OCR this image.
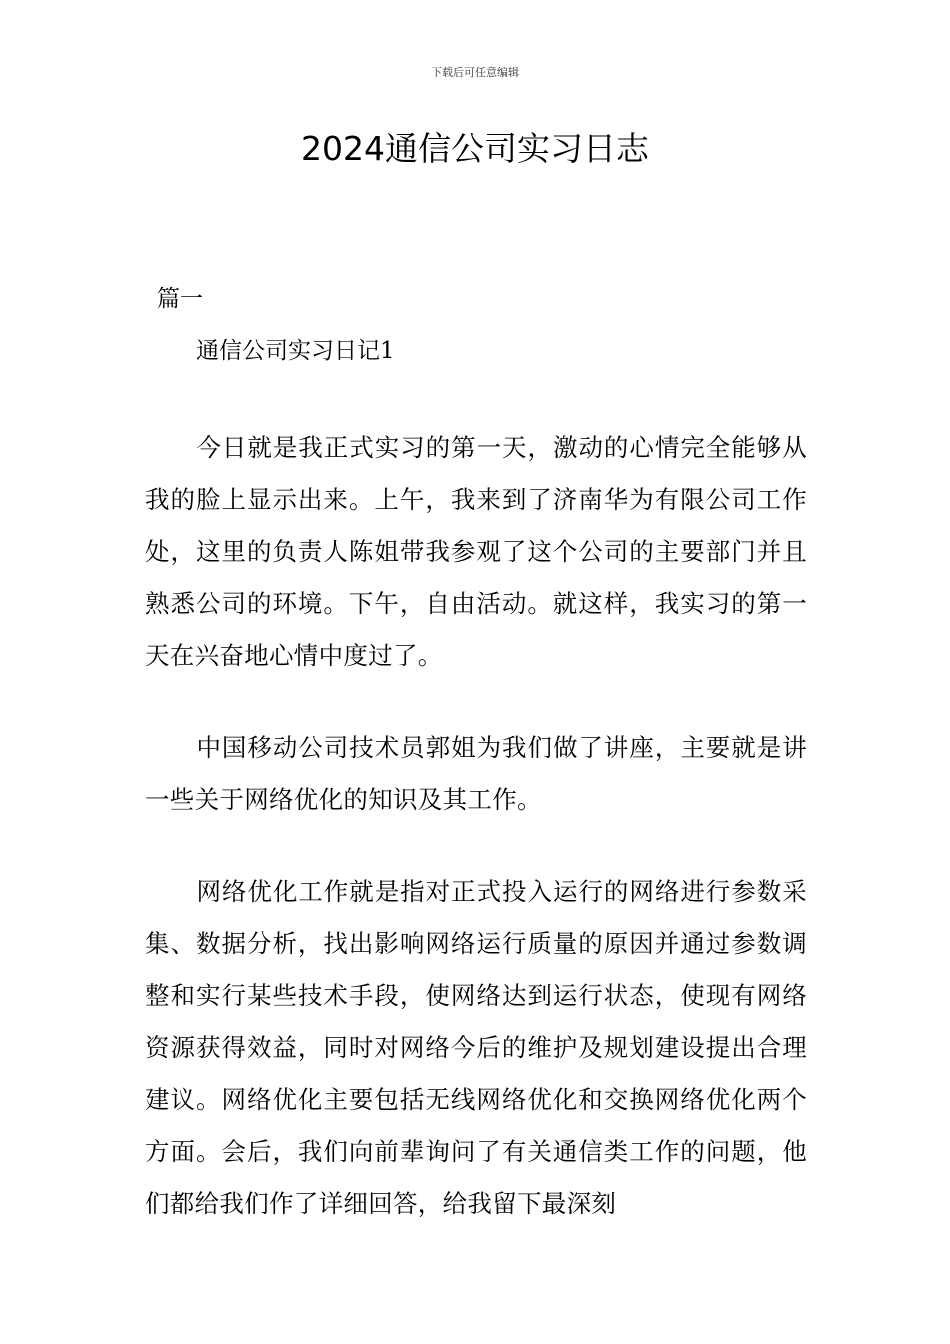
下载后可任意编辑
2024通信公司实习日志
篇一
通信公司实习日记1

今日就是我正式实习的第一天，激动的心情完全能够从我的脸上显示出来。上午，我来到了济南华为有限公司工作处，这里的负责人陈姐带我参观了这个公司的主要部门并且熟悉公司的环境。下午，自由活动。就这样，我实习的第一天在兴奋地心情中度过了。

中国移动公司技术员郭姐为我们做了讲座，主要就是讲一些关于网络优化的知识及其工作。

网络优化工作就是指对正式投入运行的网络进行参数采集、数据分析，找出影响网络运行质量的原因并通过参数调整和实行某些技术手段，使网络达到运行状态，使现有网络资源获得效益，同时对网络今后的维护及规划建设提出合理建议。网络优化主要包括无线网络优化和交换网络优化两个方面。会后，我们向前辈询问了有关通信类工作的问题，他们都给我们作了详细回答，给我留下最深刻
